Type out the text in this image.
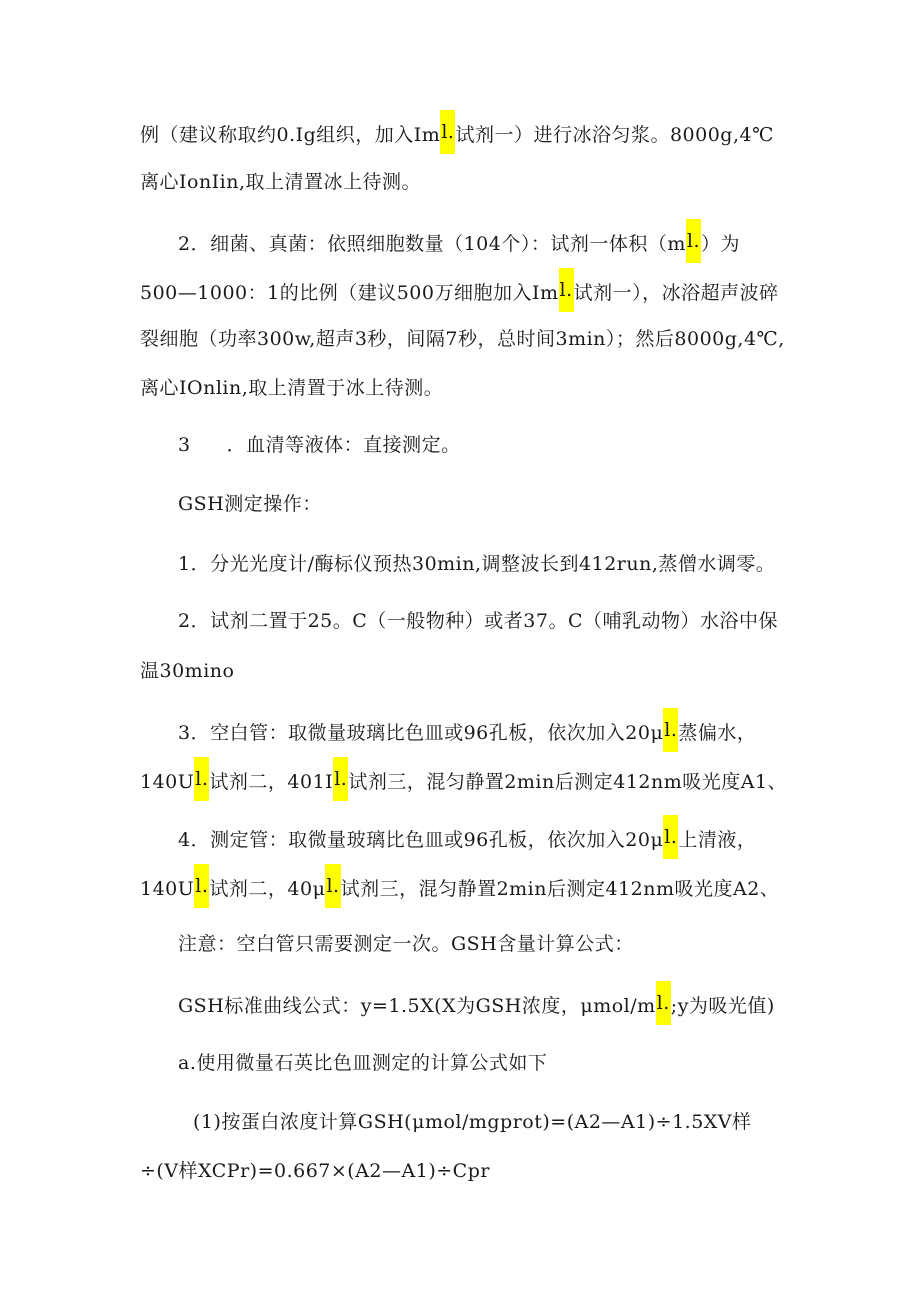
例（建议称取约0.Ig组织，加入Iml.试剂一）进行冰浴匀浆。8000g,4℃
离心IonIin,取上清置冰上待测。
2．细菌、真菌：依照细胞数量（104个）：试剂一体积（ml.）为
500—1000：1的比例（建议500万细胞加入Iml.试剂一），冰浴超声波碎
裂细胞（功率300w,超声3秒，间隔7秒，总时间3min）；然后8000g,4℃,
离心IOnlin,取上清置于冰上待测。
3 ．血清等液体：直接测定。
GSH测定操作：
1．分光光度计/酶标仪预热30min,调整波长到412run,蒸僧水调零。
2．试剂二置于25。C（一般物种）或者37。C（哺乳动物）水浴中保
温30mino
3．空白管：取微量玻璃比色皿或96孔板，依次加入20μl.蒸偏水，
140Ul.试剂二，401Il.试剂三，混匀静置2min后测定412nm吸光度A1、
4．测定管：取微量玻璃比色皿或96孔板，依次加入20μl.上清液，
140Ul.试剂二，40μl.试剂三，混匀静置2min后测定412nm吸光度A2、
注意：空白管只需要测定一次。GSH含量计算公式：
GSH标准曲线公式：y=1.5X(X为GSH浓度，μmol/ml.;y为吸光值)
a.使用微量石英比色皿测定的计算公式如下
(1)按蛋白浓度计算GSH(μmol/mgprot)=(A2—A1)÷1.5XV样
÷(V样XCPr)=0.667×(A2—A1)÷Cpr
